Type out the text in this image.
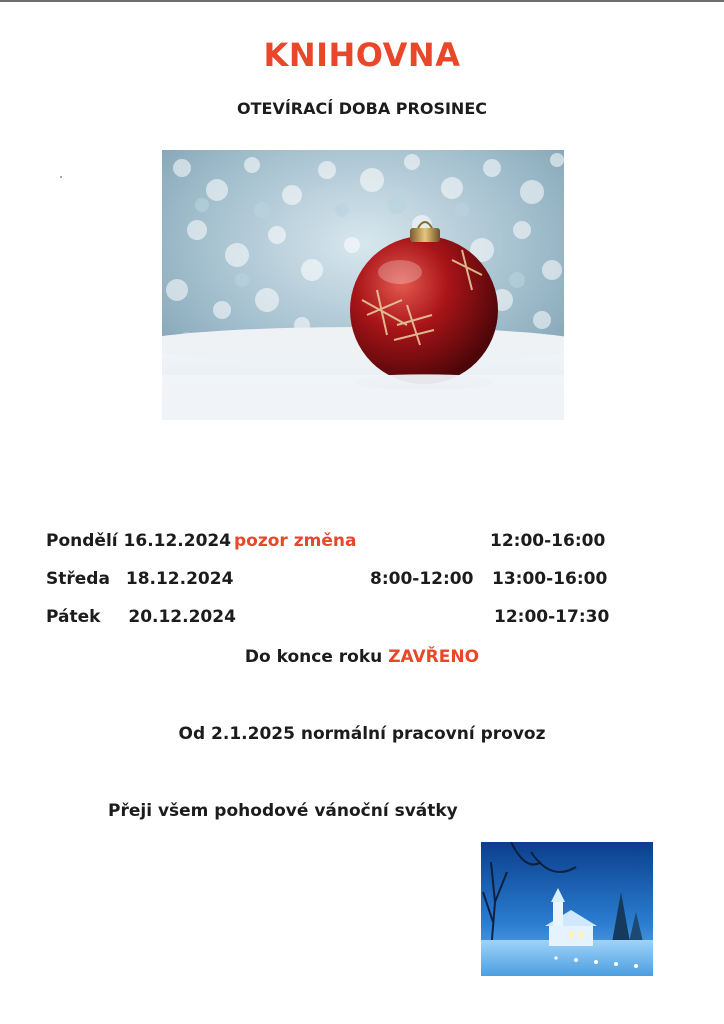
KNIHOVNA
OTEVÍRACÍ DOBA PROSINEC
Pondělí 16.12.2024 pozor změna	12:00-16:00
Středa 18.12.2024	8:00-12:00 13:00-16:00
Pátek 20.12.2024	12:00-17:30
Do konce roku ZAVŘENO
Od 2.1.2025 normální pracovní provoz
Přeji všem pohodové vánoční svátky
